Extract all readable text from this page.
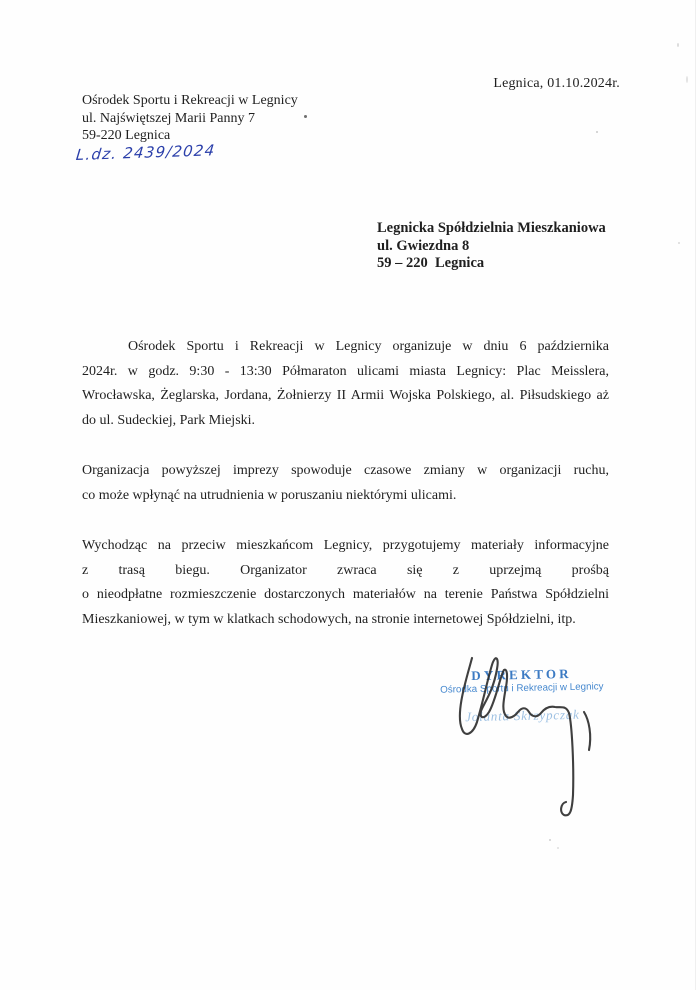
Legnica, 01.10.2024r.
Ośrodek Sportu i Rekreacji w Legnicy
ul. Najświętszej Marii Panny 7
59-220 Legnica
L.dz. 2439/2024
Legnicka Spółdzielnia Mieszkaniowa
ul. Gwiezdna 8
59 – 220  Legnica
Ośrodek Sportu i Rekreacji w Legnicy organizuje w dniu 6 października
2024r. w godz. 9:30 - 13:30 Półmaraton ulicami miasta Legnicy: Plac Meisslera,
Wrocławska, Żeglarska, Jordana, Żołnierzy II Armii Wojska Polskiego, al. Piłsudskiego aż
do ul. Sudeckiej, Park Miejski.
Organizacja powyższej imprezy spowoduje czasowe zmiany w organizacji ruchu,
co może wpłynąć na utrudnienia w poruszaniu niektórymi ulicami.
Wychodząc na przeciw mieszkańcom Legnicy, przygotujemy materiały informacyjne
z trasą biegu. Organizator zwraca się z uprzejmą prośbą
o nieodpłatne rozmieszczenie dostarczonych materiałów na terenie Państwa Spółdzielni
Mieszkaniowej, w tym w klatkach schodowych, na stronie internetowej Spółdzielni, itp.
DYREKTOR
Ośrodka Sportu i Rekreacji w Legnicy
Jolanta Skrzypczak
